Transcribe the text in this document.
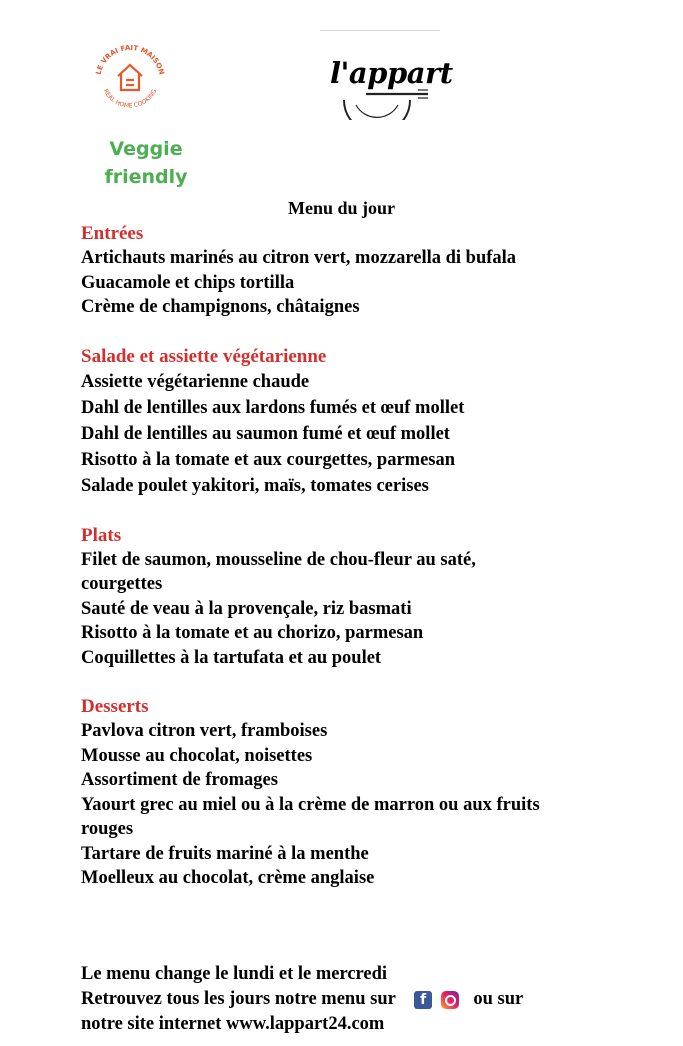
LE VRAI FAIT MAISON
REAL HOME COOKING
Veggie
friendly
l'appart
Menu du jour
Entrées
Artichauts marinés au citron vert, mozzarella di bufala
Guacamole et chips tortilla
Crème de champignons, châtaignes
Salade et assiette végétarienne
Assiette végétarienne chaude
Dahl de lentilles aux lardons fumés et œuf mollet
Dahl de lentilles au saumon fumé et œuf mollet
Risotto à la tomate et aux courgettes, parmesan
Salade poulet yakitori, maïs, tomates cerises
Plats
Filet de saumon, mousseline de chou-fleur au saté,
courgettes
Sauté de veau à la provençale, riz basmati
Risotto à la tomate et au chorizo, parmesan
Coquillettes à la tartufata et au poulet
Desserts
Pavlova citron vert, framboises
Mousse au chocolat, noisettes
Assortiment de fromages
Yaourt grec au miel ou à la crème de marron ou aux fruits
rouges
Tartare de fruits mariné à la menthe
Moelleux au chocolat, crème anglaise
Le menu change le lundi et le mercredi
Retrouvez tous les jours notre menu sur f	ou sur
notre site internet www.lappart24.com
